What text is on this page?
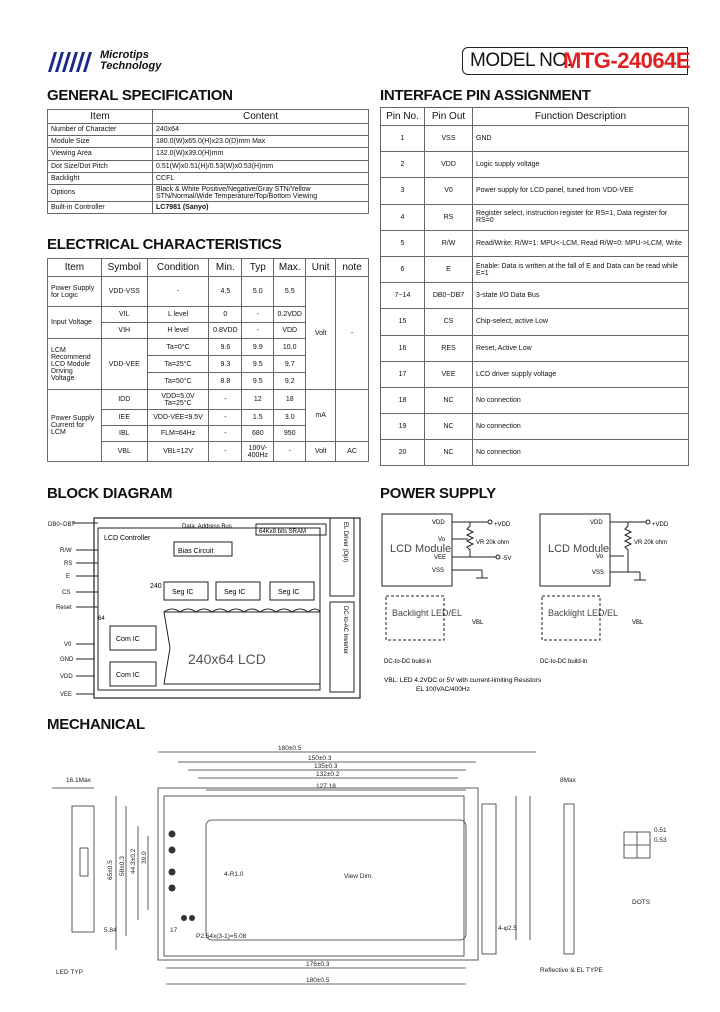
Microtips
Technology	MODEL NO.
MTG-24064E
GENERAL SPECIFICATION
Item	Content
Number of Character	240x64
Module Size	180.0(W)x65.0(H)x23.0(D)mm Max
Viewing Area	132.0(W)x39.0(H)mm
Dot Size/Dot Pitch	0.51(W)x0.51(H)/0.53(W)x0.53(H)mm
Backlight	CCFL
Options	Black & White Positive/Negative/Gray STN/Yellow STN/Normal/Wide Temperature/Top/Bottom Viewing
Built-in Controller	LC7981 (Sanyo)
ELECTRICAL CHARACTERISTICS
Item	Symbol	Condition	Min.	Typ	Max.	Unit	note
Power Supply for Logic	VDD-VSS	-	4.5	5.0	5.5	Volt	-
Input Voltage	VIL	L level	0	-	0.2VDD		
	VIH	H level	0.8VDD	-	VDD		
LCM Recommend LCD Module Driving Voltage	VDD-VEE	Ta=0°C	9.6	9.9	10.0		
		Ta=25°C	9.3	9.5	9.7		
		Ta=50°C	8.8	9.5	9.2		
Power Supply Current for LCM	IDD	VDD=5.0V Ta=25°C	-	12	18	mA	
	IEE	VDD-VEE=9.5V	-	1.5	3.0		
	IBL	FLM=64Hz	-	680	950		
	VBL	VBL=12V	-	100V-400Hz	-	Volt	AC
INTERFACE PIN ASSIGNMENT
Pin No.	Pin Out	Function Description
1	VSS	GND
2	VDD	Logic supply voltage
3	V0	Power supply for LCD panel, tuned from VDD-VEE
4	RS	Register select, instruction register for RS=1, Data register for RS=0
5	R/W	Read/Write: R/W=1: MPU<-LCM, Read R/W=0: MPU->LCM, Write
6	E	Enable: Data is written at the fall of E and Data can be read while E=1
7~14	DB0~DB7	3-state I/O Data Bus
15	CS	Chip-select, active Low
16	RES	Reset, Active Low
17	VEE	LCD driver supply voltage
18	NC	No connection
19	NC	No connection
20	NC	No connection
BLOCK DIAGRAM
DB0~DB7
R/W
RS
E
CS
Reset
V0
GND
VDD
VEE
LCD Controller
Data, Address Bus
64Kx8 bits SRAM
Bias Circuit
240
Seg IC	Seg IC	Seg IC
240x64 LCD
Com IC
Com IC
64
EL Driver (Opt)
DC-to-AC Inverter
POWER SUPPLY
LCD Module
VDD
Vo
VEE
VSS
+VDD
-5V
VR 20k ohm
Backlight LED/EL
VBL
DC-to-DC build-in
LCD Module
VDD
Vo
VSS
+VDD
VR 20k ohm
Backlight LED/EL
VBL
DC-to-DC build-in
VBL: LED 4.2VDC or 5V with current-limiting Resistors
EL 100VAC/400Hz
MECHANICAL
180±0.5
150±0.3
135±0.3
132±0.2
127.18
16.1Max	8Max
65±0.5 58±0.3 44.3±0.2 39.0
4-R1.0	View Dim.
5.84	17
P2.54x(3-1)=5.08
176±0.3
180±0.5
4-φ2.5
0.51
0.53
LED TYP	Reflective & EL TYPE
DOTS
